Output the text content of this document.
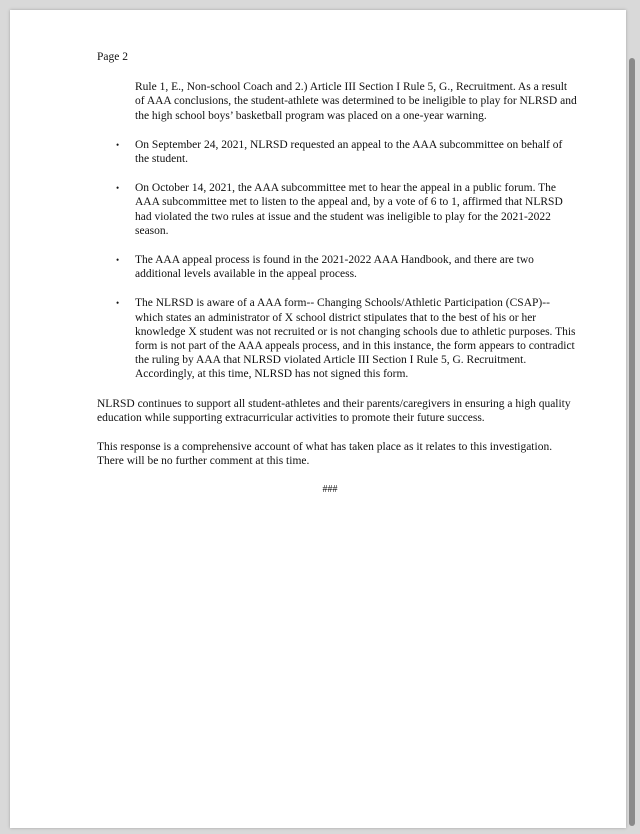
Page 2
Rule 1, E., Non-school Coach and 2.) Article III Section I Rule 5, G., Recruitment. As a result of AAA conclusions, the student-athlete was determined to be ineligible to play for NLRSD and the high school boys’ basketball program was placed on a one-year warning.
• On September 24, 2021, NLRSD requested an appeal to the AAA subcommittee on behalf of the student.
• On October 14, 2021, the AAA subcommittee met to hear the appeal in a public forum. The AAA subcommittee met to listen to the appeal and, by a vote of 6 to 1, affirmed that NLRSD had violated the two rules at issue and the student was ineligible to play for the 2021-2022 season.
• The AAA appeal process is found in the 2021-2022 AAA Handbook, and there are two additional levels available in the appeal process.
• The NLRSD is aware of a AAA form-- Changing Schools/Athletic Participation (CSAP)--which states an administrator of X school district stipulates that to the best of his or her knowledge X student was not recruited or is not changing schools due to athletic purposes. This form is not part of the AAA appeals process, and in this instance, the form appears to contradict the ruling by AAA that NLRSD violated Article III Section I Rule 5, G. Recruitment. Accordingly, at this time, NLRSD has not signed this form.
NLRSD continues to support all student-athletes and their parents/caregivers in ensuring a high quality education while supporting extracurricular activities to promote their future success.
This response is a comprehensive account of what has taken place as it relates to this investigation. There will be no further comment at this time.
###
